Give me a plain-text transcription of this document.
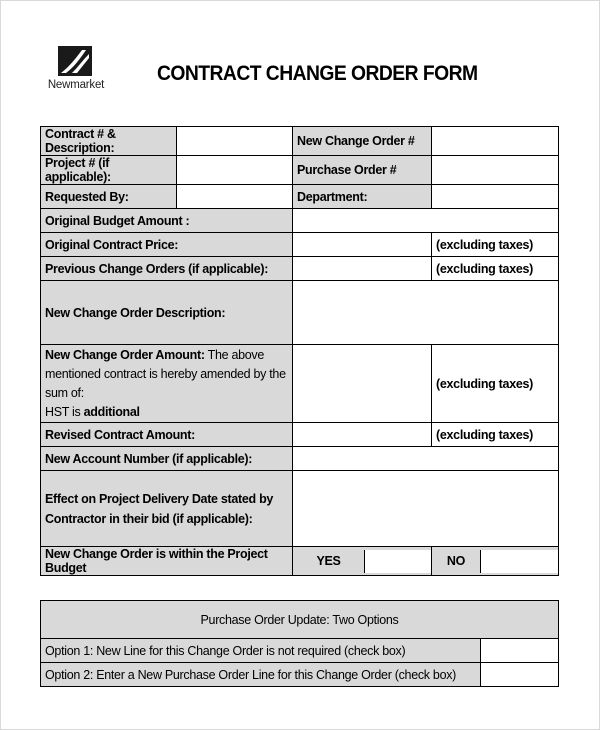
Newmarket	CONTRACT CHANGE ORDER FORM
Contract # & Description:		New Change Order #	
Project # (if applicable):		Purchase Order #	
Requested By:		Department:	
Original Budget Amount :			
Original Contract Price:			(excluding taxes)
Previous Change Orders (if applicable):			(excluding taxes)
New Change Order Description:			
New Change Order Amount: The above mentioned contract is hereby amended by the sum of:
HST is additional			(excluding taxes)
Revised Contract Amount:			(excluding taxes)
New Account Number (if applicable):			
Effect on Project Delivery Date stated by Contractor in their bid (if applicable):			
New Change Order is within the Project Budget		YES	NO
Purchase Order Update: Two Options	
Option 1: New Line for this Change Order is not required (check box)	
Option 2: Enter a New Purchase Order Line for this Change Order (check box)	
